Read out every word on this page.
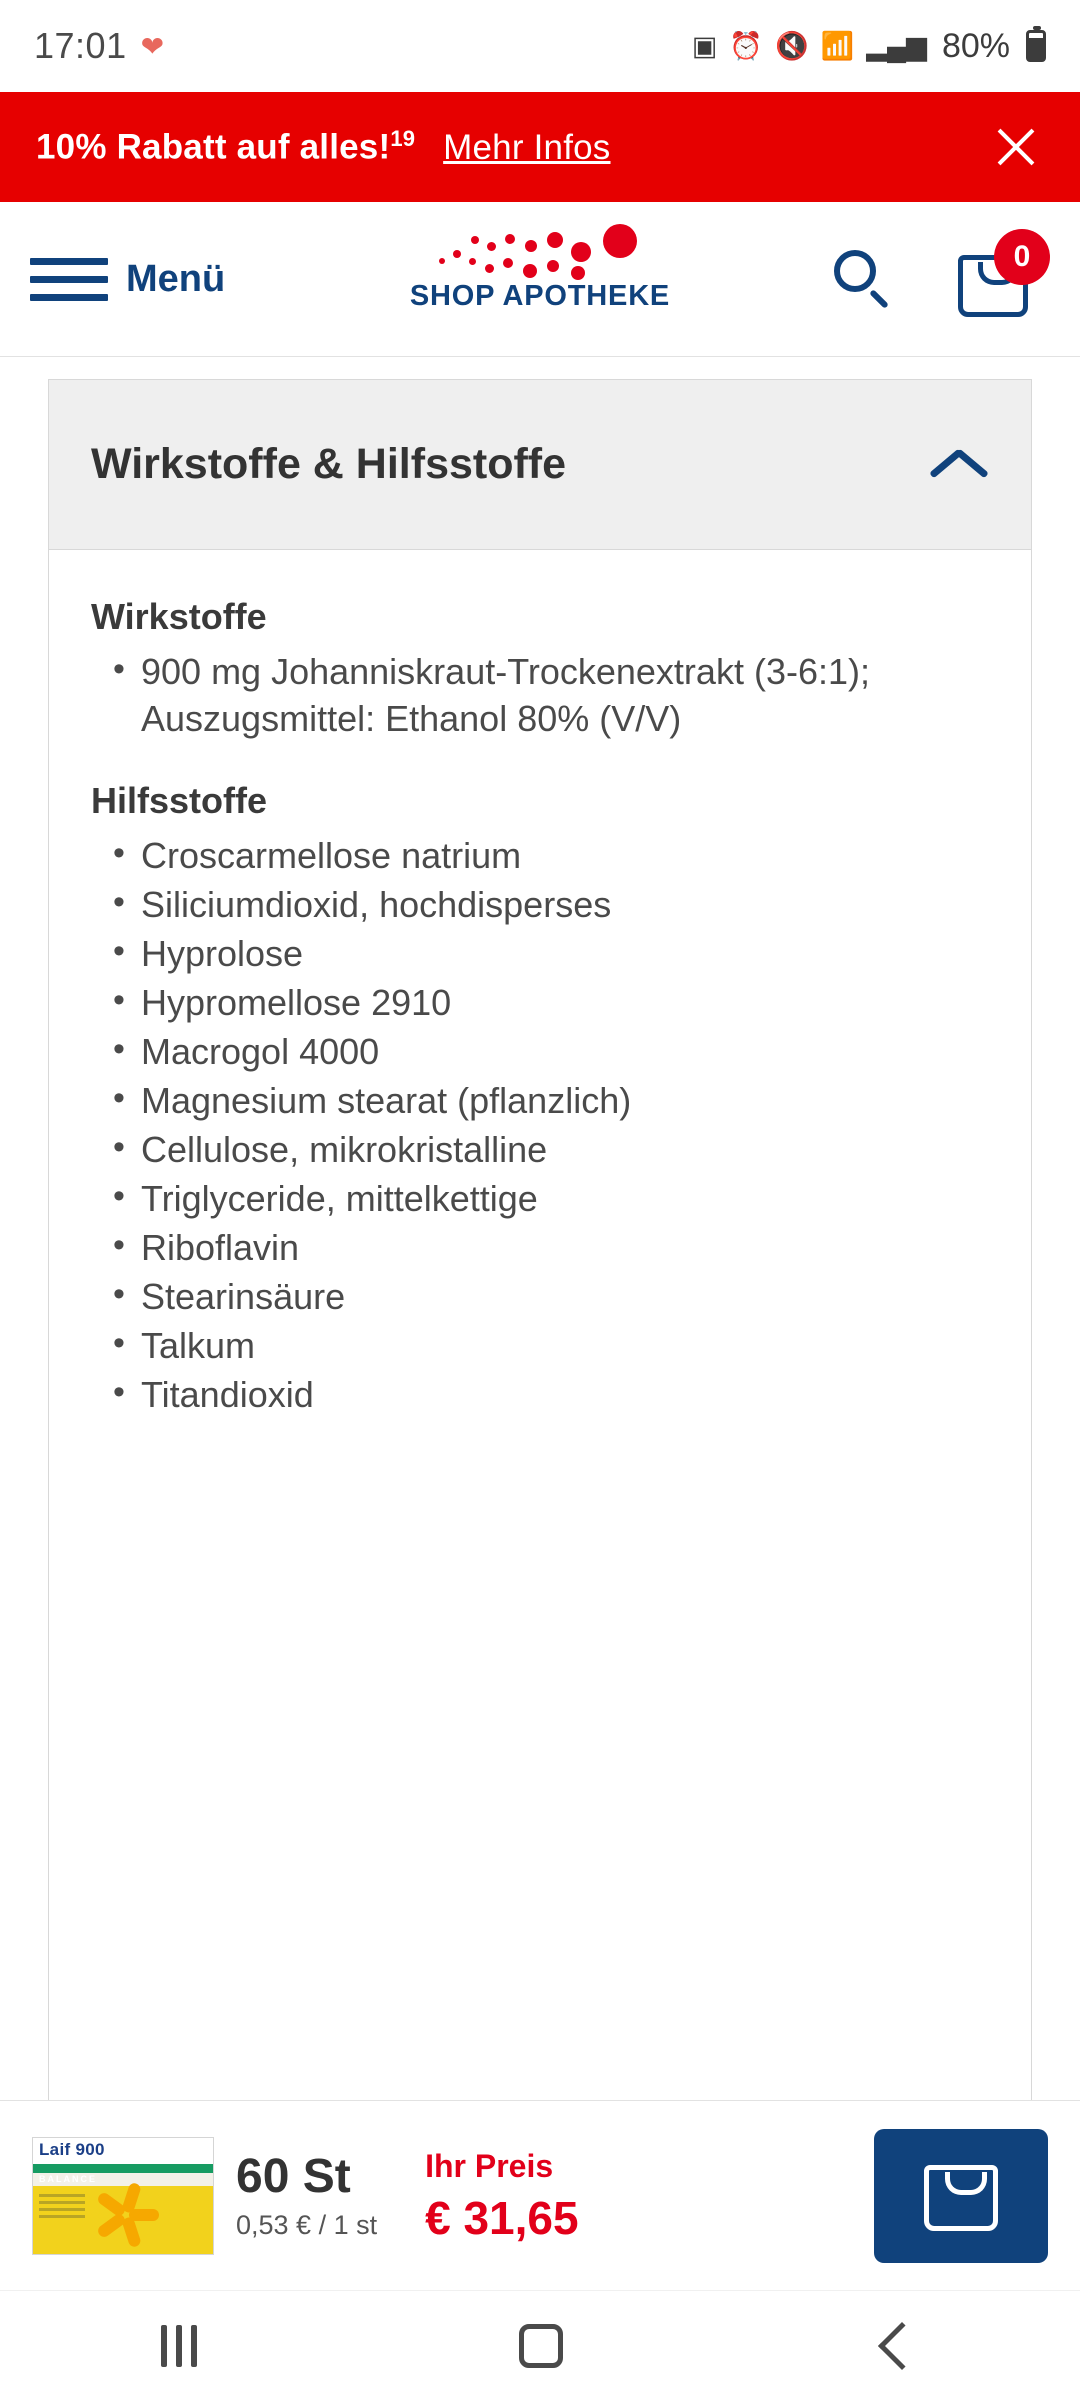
17:01 ❤	▣ ⏰ 🔇 📶 ▂▄▆ 80%
10% Rabatt auf alles!$^{19}$ Mehr Infos
Menü	SHOP APOTHEKE
0
Wirkstoffe & Hilfsstoffe
Wirkstoffe
• 900 mg Johanniskraut-Trockenextrakt (3-6:1); Auszugsmittel: Ethanol 80% (V/V)
Hilfsstoffe
• Croscarmellose natrium
• Siliciumdioxid, hochdisperses
• Hyprolose
• Hypromellose 2910
• Macrogol 4000
• Magnesium stearat (pflanzlich)
• Cellulose, mikrokristalline
• Triglyceride, mittelkettige
• Riboflavin
• Stearinsäure
• Talkum
• Titandioxid
Laif 900
BALANCE	60 St
0,53 € / 1 st
Ihr Preis
€ 31,65
